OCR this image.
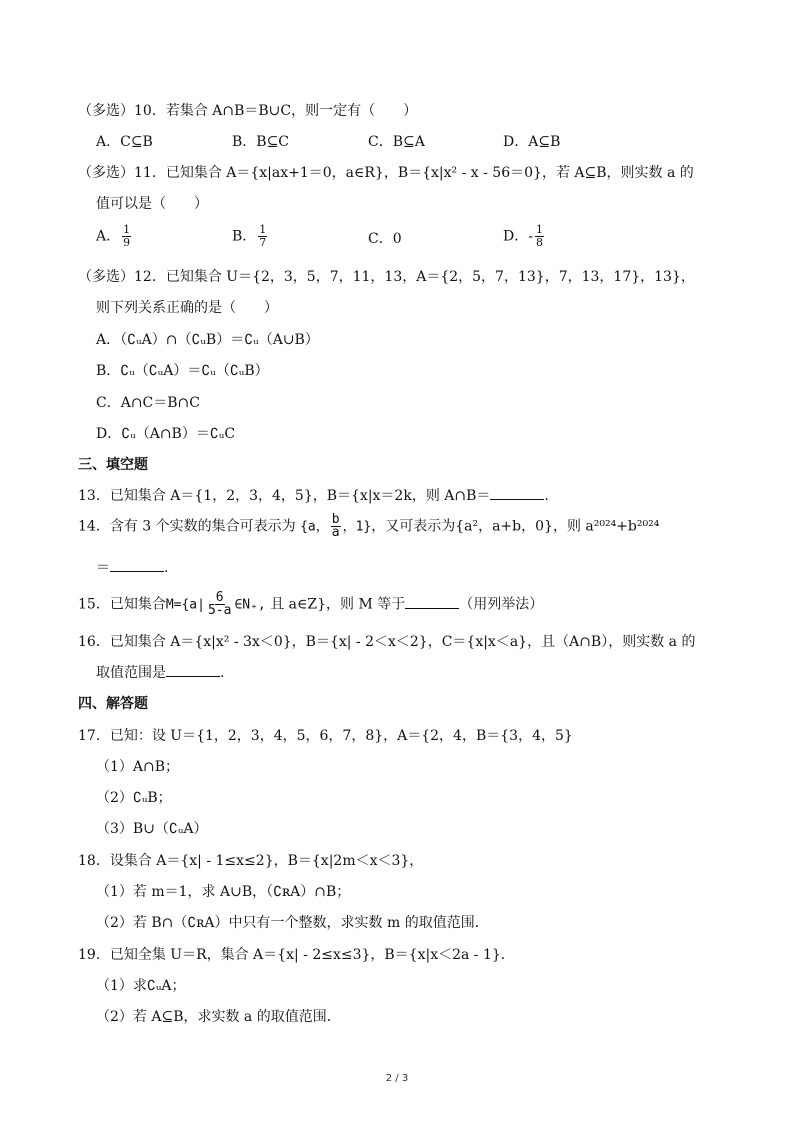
（多选）10．若集合 A∩B＝B∪C，则一定有（　　）
A．C⊆B	B．B⊆C	C．B⊆A	D．A⊆B
（多选）11．已知集合 A＝{x|ax+1＝0，a∈R}，B＝{x|x² - x - 56＝0}，若 A⊆B，则实数 a 的
值可以是（　　）
A． $\frac{1}{9}$	B． $\frac{1}{7}$	C．0	D．- $\frac{1}{8}$
（多选）12．已知集合 U＝{2，3，5，7，11，13，A＝{2，5，7，13}，7，13，17}，13}，
则下列关系正确的是（　　）
A．（∁ᵤA）∩（∁ᵤB）＝∁ᵤ（A∪B）
B．∁ᵤ（∁ᵤA）＝∁ᵤ（∁ᵤB）
C．A∩C＝B∩C
D．∁ᵤ（A∩B）＝∁ᵤC
三、填空题
13．已知集合 A＝{1，2，3，4，5}，B＝{x|x＝2k，则 A∩B＝	.
14．含有 3 个实数的集合可表示为 {a， $\frac{b}{a}$ ，1}，又可表示为{a²，a+b，0}，则 a²⁰²⁴+b²⁰²⁴
＝	.
15．已知集合$M=\{a| \frac{6}{5-a}$ ∈N₊, 且 a∈Z}，则 M 等于	（用列举法）
16．已知集合 A＝{x|x² - 3x＜0}，B＝{x| - 2＜x＜2}，C＝{x|x＜a}，且（A∩B），则实数 a 的
取值范围是	.
四、解答题
17．已知：设 U＝{1，2，3，4，5，6，7，8}，A＝{2，4，B＝{3，4，5}
（1）A∩B；
（2）∁ᵤB；
（3）B∪（∁ᵤA）
18．设集合 A＝{x| - 1≤x≤2}，B＝{x|2m＜x＜3}，
（1）若 m＝1，求 A∪B，（∁ʀA）∩B；
（2）若 B∩（∁ʀA）中只有一个整数，求实数 m 的取值范围．
19．已知全集 U＝R，集合 A＝{x| - 2≤x≤3}，B＝{x|x＜2a - 1}．
（1）求∁ᵤA；
（2）若 A⊆B，求实数 a 的取值范围．
2 / 3
